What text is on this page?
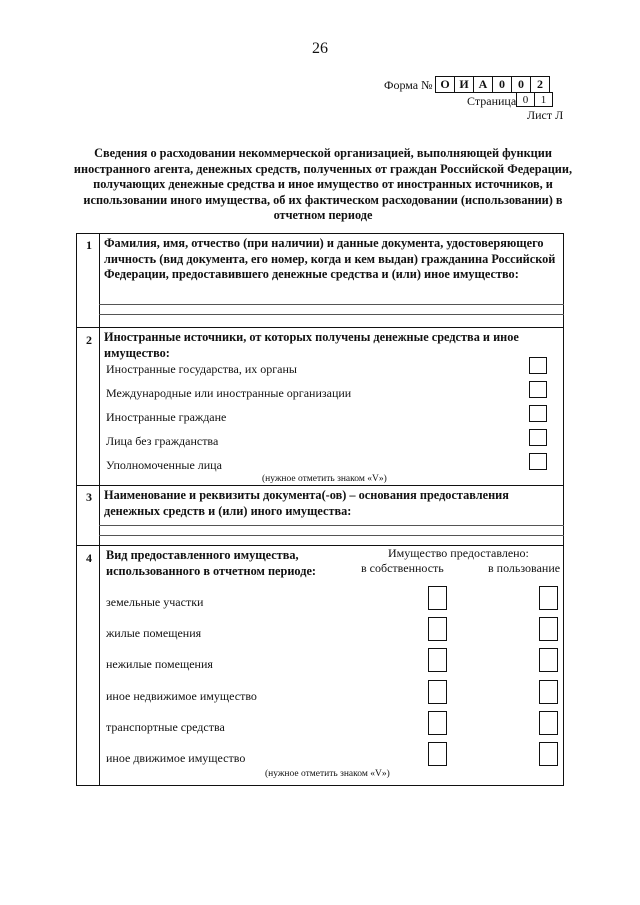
26
Форма № О И А 0	0	2
Страница 0	1
Лист Л
Сведения о расходовании некоммерческой организацией, выполняющей функции иностранного агента, денежных средств, полученных от граждан Российской Федерации, получающих денежные средства и иное имущество от иностранных источников, и использовании иного имущества, об их фактическом расходовании (использовании) в отчетном периоде
1 Фамилия, имя, отчество (при наличии) и данные документа, удостоверяющего личность (вид документа, его номер, когда и кем выдан) гражданина Российской Федерации, предоставившего денежные средства и (или) иное имущество:
2 Иностранные источники, от которых получены денежные средства и иное имущество:
Иностранные государства, их органы
Международные или иностранные организации
Иностранные граждане
Лица без гражданства
Уполномоченные лица
(нужное отметить знаком «V»)
3 Наименование и реквизиты документа(-ов) – основания предоставления денежных средств и (или) иного имущества:
4	Вид предоставленного имущества, использованного в отчетном периоде:
Имущество предоставлено:
в собственность	в пользование
земельные участки
жилые помещения
нежилые помещения
иное недвижимое имущество
транспортные средства
иное движимое имущество
(нужное отметить знаком «V»)
